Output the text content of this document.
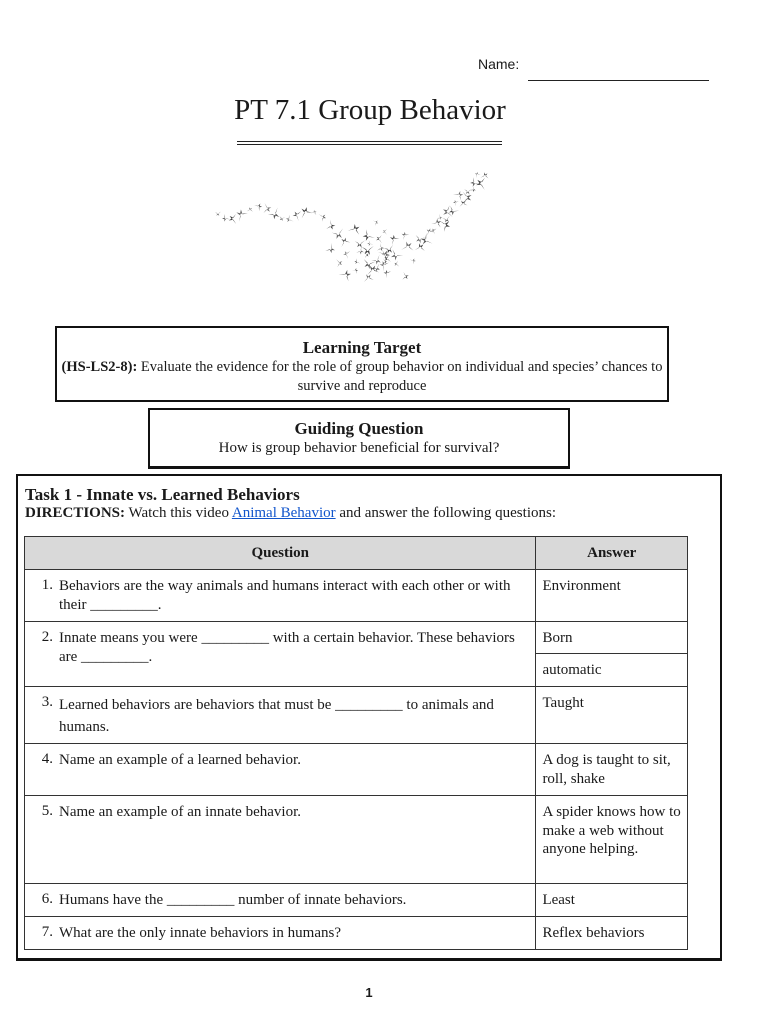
Name:
PT 7.1 Group Behavior
Learning Target
(HS-LS2-8): Evaluate the evidence for the role of group behavior on individual and species’ chances to survive and reproduce
Guiding Question
How is group behavior beneficial for survival?
Task 1 - Innate vs. Learned Behaviors
DIRECTIONS: Watch this video Animal Behavior and answer the following questions:
Question	Answer

1. Behaviors are the way animals and humans interact with each other or with their _________.	Environment

2. Innate means you were _________ with a certain behavior. These behaviors are _________.	Born
	automatic

3. Learned behaviors are behaviors that must be _________ to animals and humans.	Taught

4. Name an example of a learned behavior.	A dog is taught to sit, roll, shake

5. Name an example of an innate behavior.	A spider knows how to make a web without anyone helping.

6. Humans have the _________ number of innate behaviors.	Least

7. What are the only innate behaviors in humans?	Reflex behaviors
1
